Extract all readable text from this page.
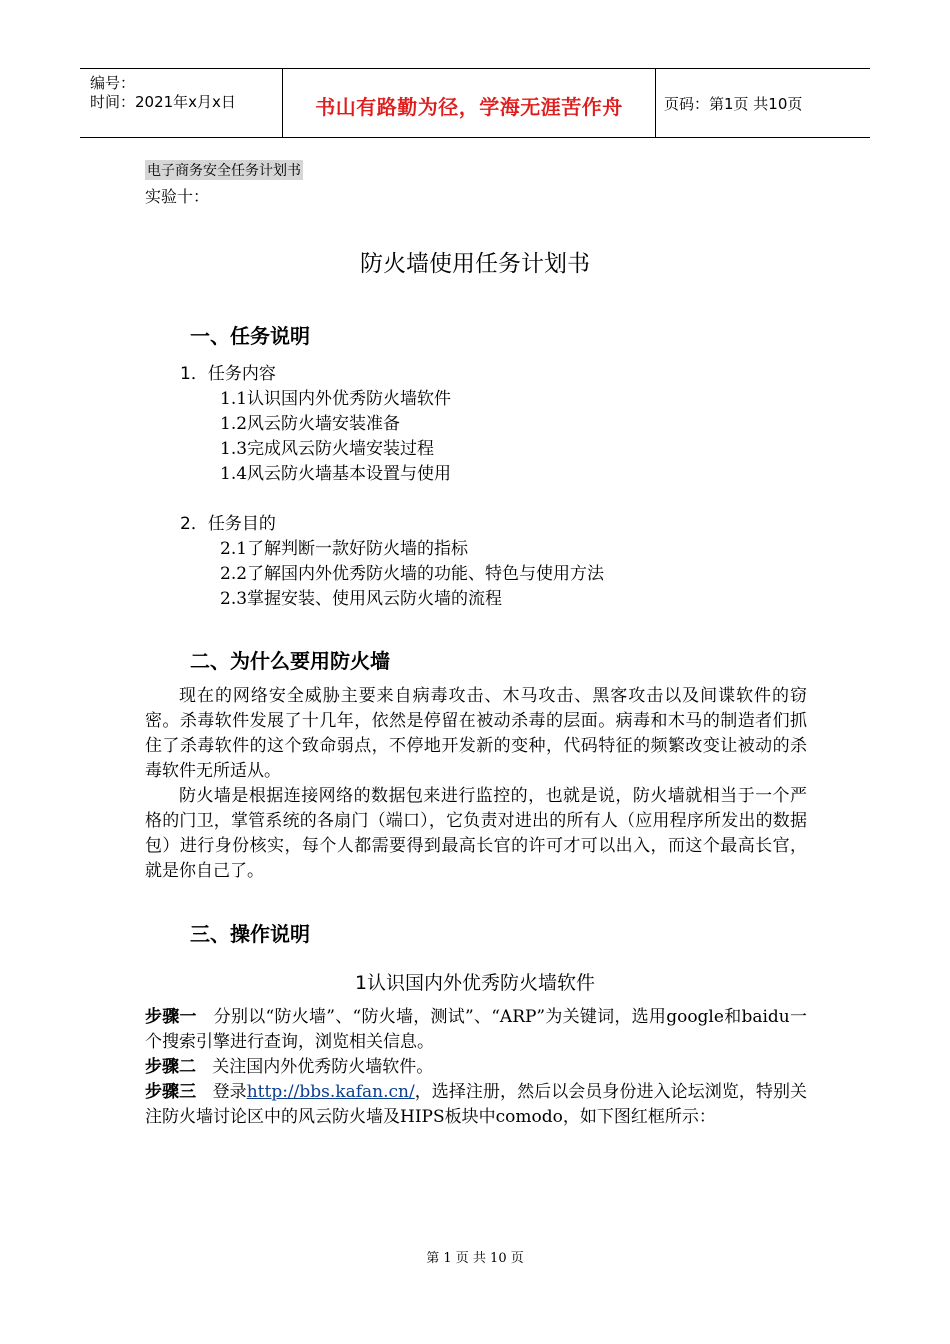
编号：
时间：2021年x月x日	书山有路勤为径，学海无涯苦作舟	页码：第1页 共10页
电子商务安全任务计划书
实验十：
防火墙使用任务计划书
一、任务说明
1．任务内容
1.1认识国内外优秀防火墙软件
1.2风云防火墙安装准备
1.3完成风云防火墙安装过程
1.4风云防火墙基本设置与使用
2．任务目的
2.1了解判断一款好防火墙的指标
2.2了解国内外优秀防火墙的功能、特色与使用方法
2.3掌握安装、使用风云防火墙的流程
二、为什么要用防火墙

现在的网络安全威胁主要来自病毒攻击、木马攻击、黑客攻击以及间谍软件的窃密。杀毒软件发展了十几年，依然是停留在被动杀毒的层面。病毒和木马的制造者们抓住了杀毒软件的这个致命弱点，不停地开发新的变种，代码特征的频繁改变让被动的杀毒软件无所适从。

防火墙是根据连接网络的数据包来进行监控的，也就是说，防火墙就相当于一个严格的门卫，掌管系统的各扇门（端口），它负责对进出的所有人（应用程序所发出的数据包）进行身份核实，每个人都需要得到最高长官的许可才可以出入，而这个最高长官，就是你自己了。

三、操作说明
1认识国内外优秀防火墙软件
步骤一 分别以“防火墙”、“防火墙，测试”、“ARP”为关键词，选用google和baidu一个搜索引擎进行查询，浏览相关信息。
步骤二 关注国内外优秀防火墙软件。
步骤三 登录http://bbs.kafan.cn/，选择注册，然后以会员身份进入论坛浏览，特别关注防火墙讨论区中的风云防火墙及HIPS板块中comodo，如下图红框所示：
第 1 页 共 10 页
